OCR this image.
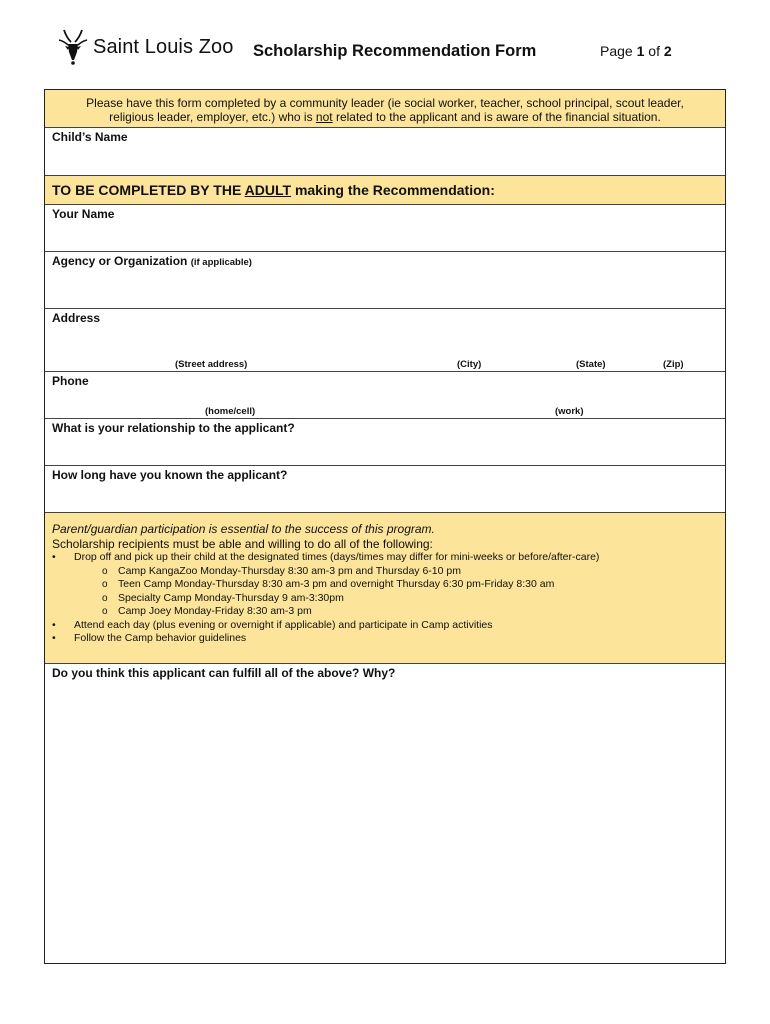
Saint Louis Zoo Scholarship Recommendation Form	Page 1 of 2
Please have this form completed by a community leader (ie social worker, teacher, school principal, scout leader,
religious leader, employer, etc.) who is not related to the applicant and is aware of the financial situation.
Child’s Name
TO BE COMPLETED BY THE ADULT making the Recommendation:
Your Name
Agency or Organization (if applicable)
Address
(Street address)	(City)	(State)	(Zip)
Phone
(home/cell)	(work)
What is your relationship to the applicant?
How long have you known the applicant?
Parent/guardian participation is essential to the success of this program.
Scholarship recipients must be able and willing to do all of the following:
• Drop off and pick up their child at the designated times (days/times may differ for mini-weeks or before/after-care)
o Camp KangaZoo Monday-Thursday 8:30 am-3 pm and Thursday 6-10 pm
o Teen Camp Monday-Thursday 8:30 am-3 pm and overnight Thursday 6:30 pm-Friday 8:30 am
o Specialty Camp Monday-Thursday 9 am-3:30pm
o Camp Joey Monday-Friday 8:30 am-3 pm
• Attend each day (plus evening or overnight if applicable) and participate in Camp activities
• Follow the Camp behavior guidelines
Do you think this applicant can fulfill all of the above? Why?
